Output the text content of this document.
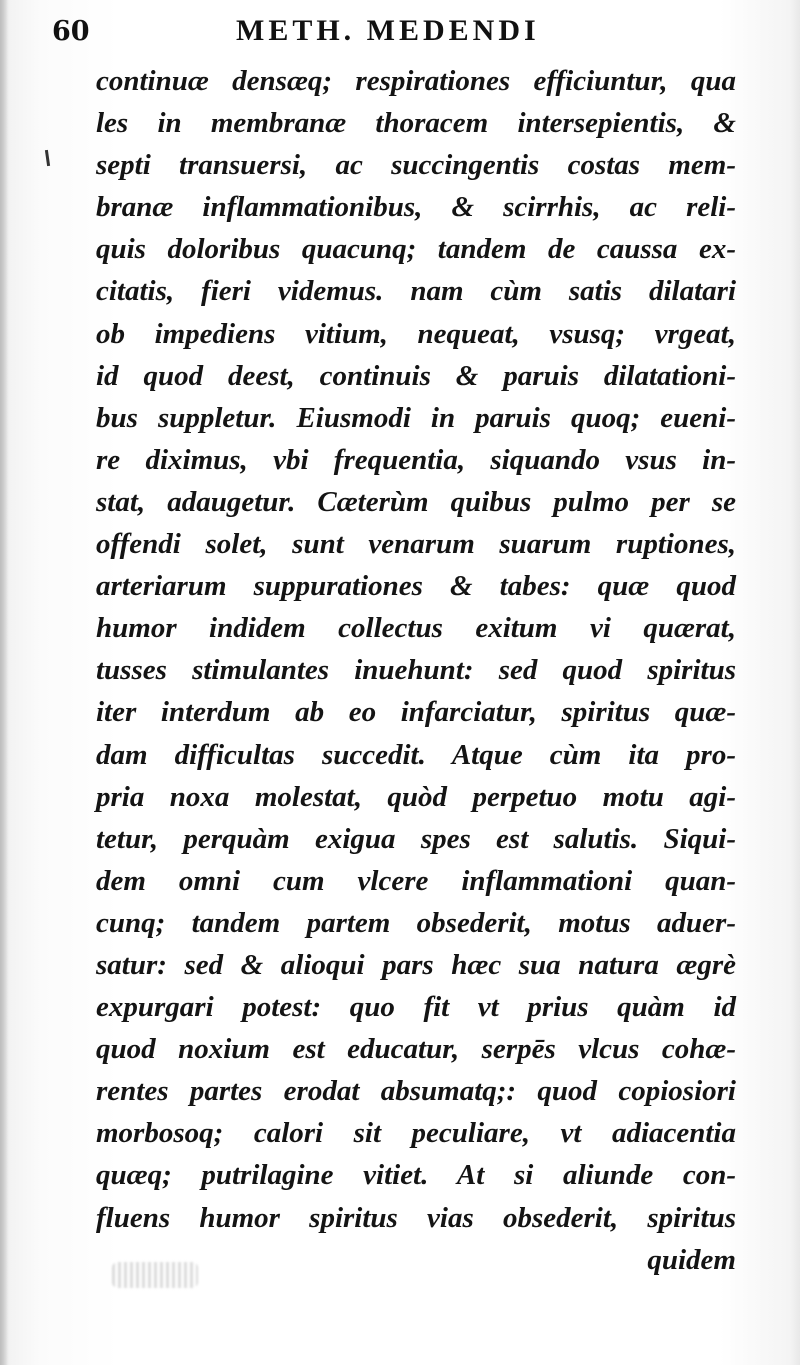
60	METH. MEDENDI
continuæ densæq; respirationes efficiuntur, qua
les in membranæ thoracem intersepientis, &
septi transuersi, ac succingentis costas mem-
branæ inflammationibus, & scirrhis, ac reli-
quis doloribus quacunq; tandem de caussa ex-
citatis, fieri videmus. nam cùm satis dilatari
ob impediens vitium, nequeat, vsusq; vrgeat,
id quod deest, continuis & paruis dilatationi-
bus suppletur. Eiusmodi in paruis quoq; eueni-
re diximus, vbi frequentia, siquando vsus in-
stat, adaugetur. Cæterùm quibus pulmo per se
offendi solet, sunt venarum suarum ruptiones,
arteriarum suppurationes & tabes: quæ quod
humor indidem collectus exitum vi quærat,
tusses stimulantes inuehunt: sed quod spiritus
iter interdum ab eo infarciatur, spiritus quæ-
dam difficultas succedit. Atque cùm ita pro-
pria noxa molestat, quòd perpetuo motu agi-
tetur, perquàm exigua spes est salutis. Siqui-
dem omni cum vlcere inflammationi quan-
cunq; tandem partem obsederit, motus aduer-
satur: sed & alioqui pars hæc sua natura ægrè
expurgari potest: quo fit vt prius quàm id
quod noxium est educatur, serpēs vlcus cohæ-
rentes partes erodat absumatq;: quod copiosiori
morbosoq; calori sit peculiare, vt adiacentia
quæq; putrilagine vitiet. At si aliunde con-
fluens humor spiritus vias obsederit, spiritus
quidem
